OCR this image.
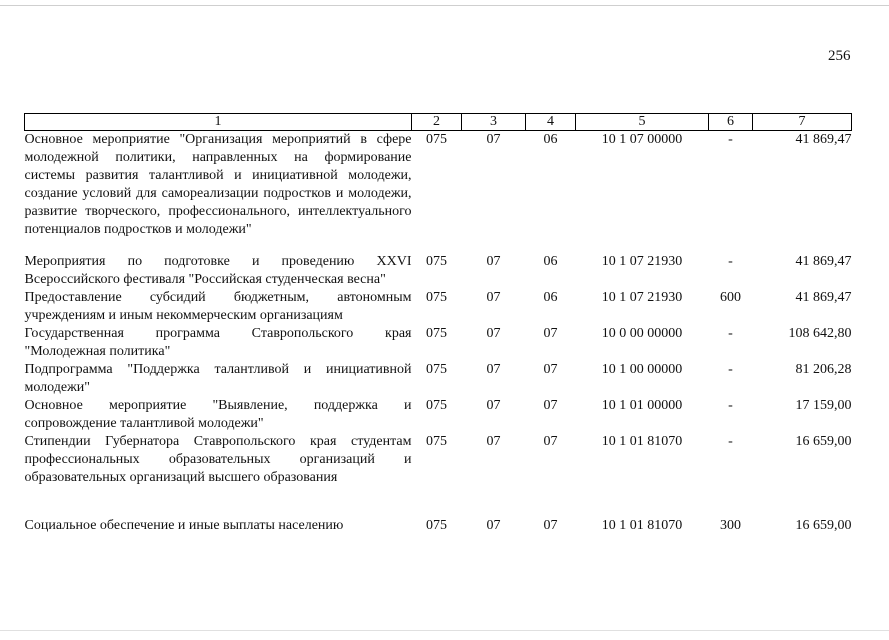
256
1	2	3	4	5	6	7
Основное мероприятие "Организация мероприятий в сфере молодежной политики, направленных на формирование системы развития талантливой и инициативной молодежи, создание условий для самореализации подростков и молодежи, развитие творческого, профессионального, интеллектуального потенциалов подростков и молодежи"	075	07	06	10 1 07 00000	-	41 869,47
Мероприятия по подготовке и проведению XXVI Всероссийского фестиваля "Российская студенческая весна"	075	07	06	10 1 07 21930	-	41 869,47
Предоставление субсидий бюджетным, автономным учреждениям и иным некоммерческим организациям	075	07	06	10 1 07 21930	600	41 869,47
Государственная программа Ставропольского края "Молодежная политика"	075	07	07	10 0 00 00000	-	108 642,80
Подпрограмма "Поддержка талантливой и инициативной молодежи"	075	07	07	10 1 00 00000	-	81 206,28
Основное мероприятие "Выявление, поддержка и сопровождение талантливой молодежи"	075	07	07	10 1 01 00000	-	17 159,00
Стипендии Губернатора Ставропольского края студентам профессиональных образовательных организаций и образовательных организаций высшего образования	075	07	07	10 1 01 81070	-	16 659,00
Социальное обеспечение и иные выплаты населению	075	07	07	10 1 01 81070	300	16 659,00
